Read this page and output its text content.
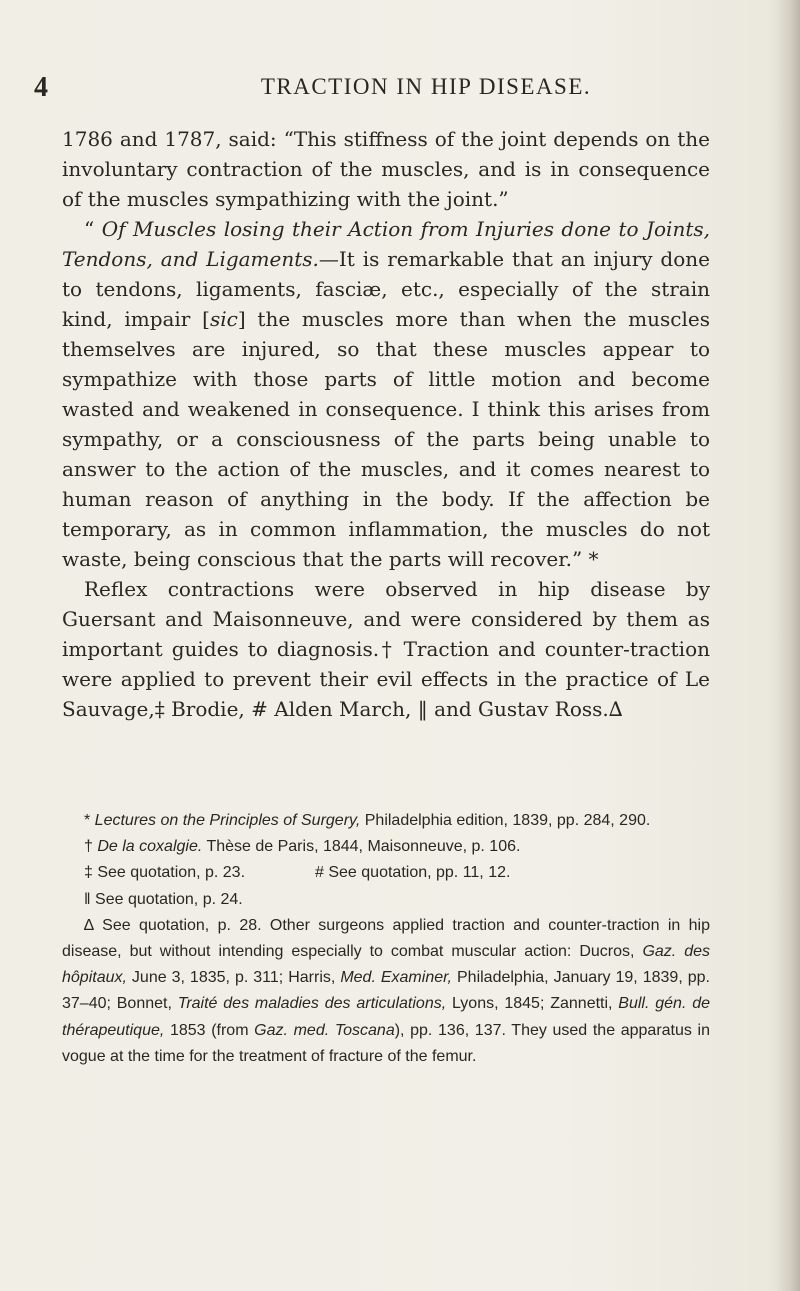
4	TRACTION IN HIP DISEASE.

1786 and 1787, said: “This stiffness of the joint depends on the involuntary contraction of the muscles, and is in consequence of the muscles sympathizing with the joint.”

“ Of Muscles losing their Action from Injuries done to Joints, Tendons, and Ligaments.—It is remarkable that an injury done to tendons, ligaments, fasciæ, etc., especially of the strain kind, impair [sic] the muscles more than when the muscles themselves are injured, so that these muscles appear to sympathize with those parts of little motion and become wasted and weakened in consequence. I think this arises from sympathy, or a consciousness of the parts being unable to answer to the action of the muscles, and it comes nearest to human reason of anything in the body. If the affection be temporary, as in common inflammation, the muscles do not waste, being conscious that the parts will recover.” *

Reflex contractions were observed in hip disease by Guersant and Maisonneuve, and were considered by them as important guides to diagnosis.† Traction and counter-traction were applied to prevent their evil effects in the practice of Le Sauvage,‡ Brodie, # Alden March, ‖ and Gustav Ross.∆

* Lectures on the Principles of Surgery, Philadelphia edition, 1839, pp. 284, 290.

† De la coxalgie. Thèse de Paris, 1844, Maisonneuve, p. 106.

‡ See quotation, p. 23.	# See quotation, pp. 11, 12.

‖ See quotation, p. 24.

∆ See quotation, p. 28. Other surgeons applied traction and counter-traction in hip disease, but without intending especially to combat muscular action: Ducros, Gaz. des hôpitaux, June 3, 1835, p. 311; Harris, Med. Examiner, Philadelphia, January 19, 1839, pp. 37–40; Bonnet, Traité des maladies des articulations, Lyons, 1845; Zannetti, Bull. gén. de thérapeutique, 1853 (from Gaz. med. Toscana), pp. 136, 137. They used the apparatus in vogue at the time for the treatment of fracture of the femur.
